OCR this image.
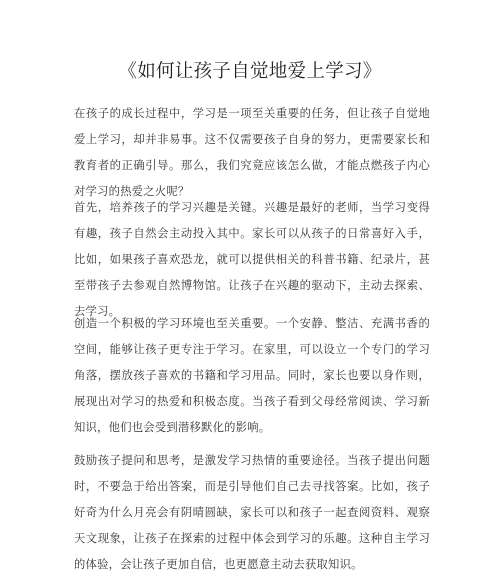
《如何让孩子自觉地爱上学习》

在孩子的成长过程中，学习是一项至关重要的任务，但让孩子自觉地爱上学习，却并非易事。这不仅需要孩子自身的努力，更需要家长和教育者的正确引导。那么，我们究竟应该怎么做，才能点燃孩子内心对学习的热爱之火呢？

首先，培养孩子的学习兴趣是关键。兴趣是最好的老师，当学习变得有趣，孩子自然会主动投入其中。家长可以从孩子的日常喜好入手，比如，如果孩子喜欢恐龙，就可以提供相关的科普书籍、纪录片，甚至带孩子去参观自然博物馆。让孩子在兴趣的驱动下，主动去探索、去学习。

创造一个积极的学习环境也至关重要。一个安静、整洁、充满书香的空间，能够让孩子更专注于学习。在家里，可以设立一个专门的学习角落，摆放孩子喜欢的书籍和学习用品。同时，家长也要以身作则，展现出对学习的热爱和积极态度。当孩子看到父母经常阅读、学习新知识，他们也会受到潜移默化的影响。

鼓励孩子提问和思考，是激发学习热情的重要途径。当孩子提出问题时，不要急于给出答案，而是引导他们自己去寻找答案。比如，孩子好奇为什么月亮会有阴晴圆缺，家长可以和孩子一起查阅资料、观察天文现象，让孩子在探索的过程中体会到学习的乐趣。这种自主学习的体验，会让孩子更加自信，也更愿意主动去获取知识。
